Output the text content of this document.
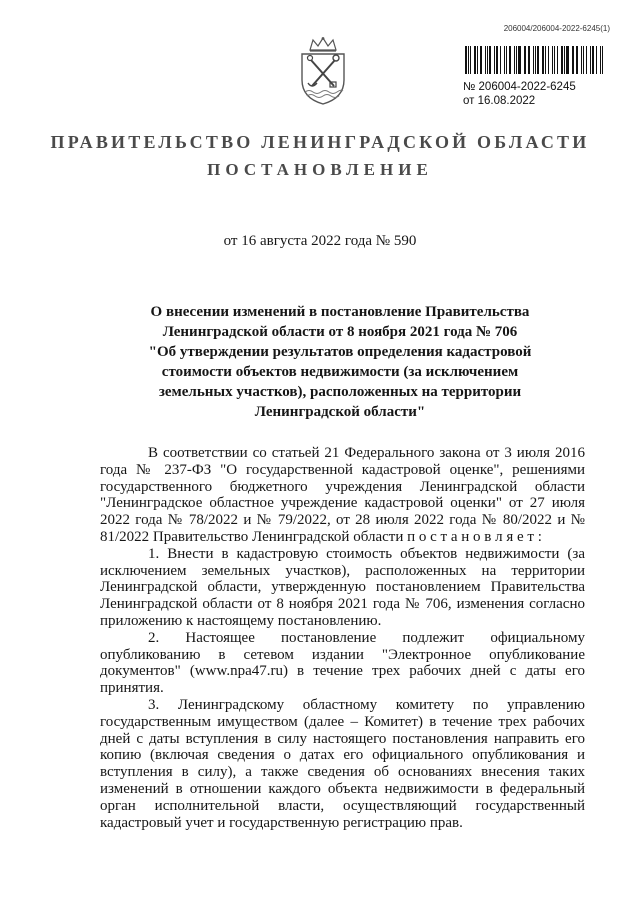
206004/206004-2022-6245(1)
№ 206004-2022-6245
от 16.08.2022
ПРАВИТЕЛЬСТВО ЛЕНИНГРАДСКОЙ ОБЛАСТИ
ПОСТАНОВЛЕНИЕ
от 16 августа 2022 года № 590
О внесении изменений в постановление Правительства
Ленинградской области от 8 ноября 2021 года № 706
"Об утверждении результатов определения кадастровой
стоимости объектов недвижимости (за исключением
земельных участков), расположенных на территории
Ленинградской области"

В соответствии со статьей 21 Федерального закона от 3 июля 2016 года № 237-ФЗ "О государственной кадастровой оценке", решениями государственного бюджетного учреждения Ленинградской области "Ленинградское областное учреждение кадастровой оценки" от 27 июля 2022 года № 78/2022 и № 79/2022, от 28 июля 2022 года № 80/2022 и № 81/2022 Правительство Ленинградской области п о с т а н о в л я е т :

1. Внести в кадастровую стоимость объектов недвижимости (за исключением земельных участков), расположенных на территории Ленинградской области, утвержденную постановлением Правительства Ленинградской области от 8 ноября 2021 года № 706, изменения согласно приложению к настоящему постановлению.

2. Настоящее постановление подлежит официальному опубликованию в сетевом издании "Электронное опубликование документов" (www.npa47.ru) в течение трех рабочих дней с даты его принятия.

3. Ленинградскому областному комитету по управлению государственным имуществом (далее – Комитет) в течение трех рабочих дней с даты вступления в силу настоящего постановления направить его копию (включая сведения о датах его официального опубликования и вступления в силу), а также сведения об основаниях внесения таких изменений в отношении каждого объекта недвижимости в федеральный орган исполнительной власти, осуществляющий государственный кадастровый учет и государственную регистрацию прав.
